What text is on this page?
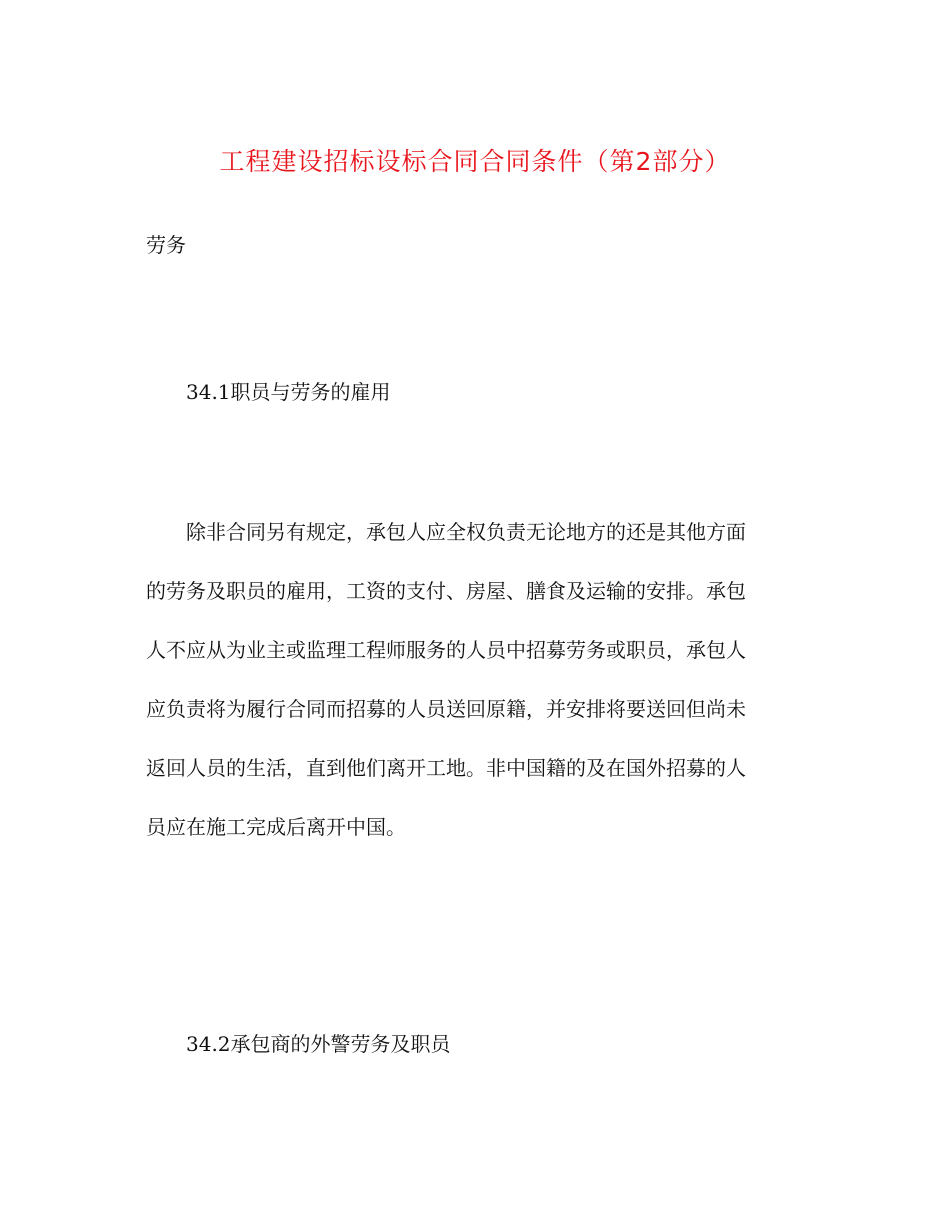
工程建设招标设标合同合同条件（第2部分）
劳务
34.1职员与劳务的雇用
除非合同另有规定，承包人应全权负责无论地方的还是其他方面
的劳务及职员的雇用，工资的支付、房屋、膳食及运输的安排。承包
人不应从为业主或监理工程师服务的人员中招募劳务或职员，承包人
应负责将为履行合同而招募的人员送回原籍，并安排将要送回但尚未
返回人员的生活，直到他们离开工地。非中国籍的及在国外招募的人
员应在施工完成后离开中国。
34.2承包商的外警劳务及职员
